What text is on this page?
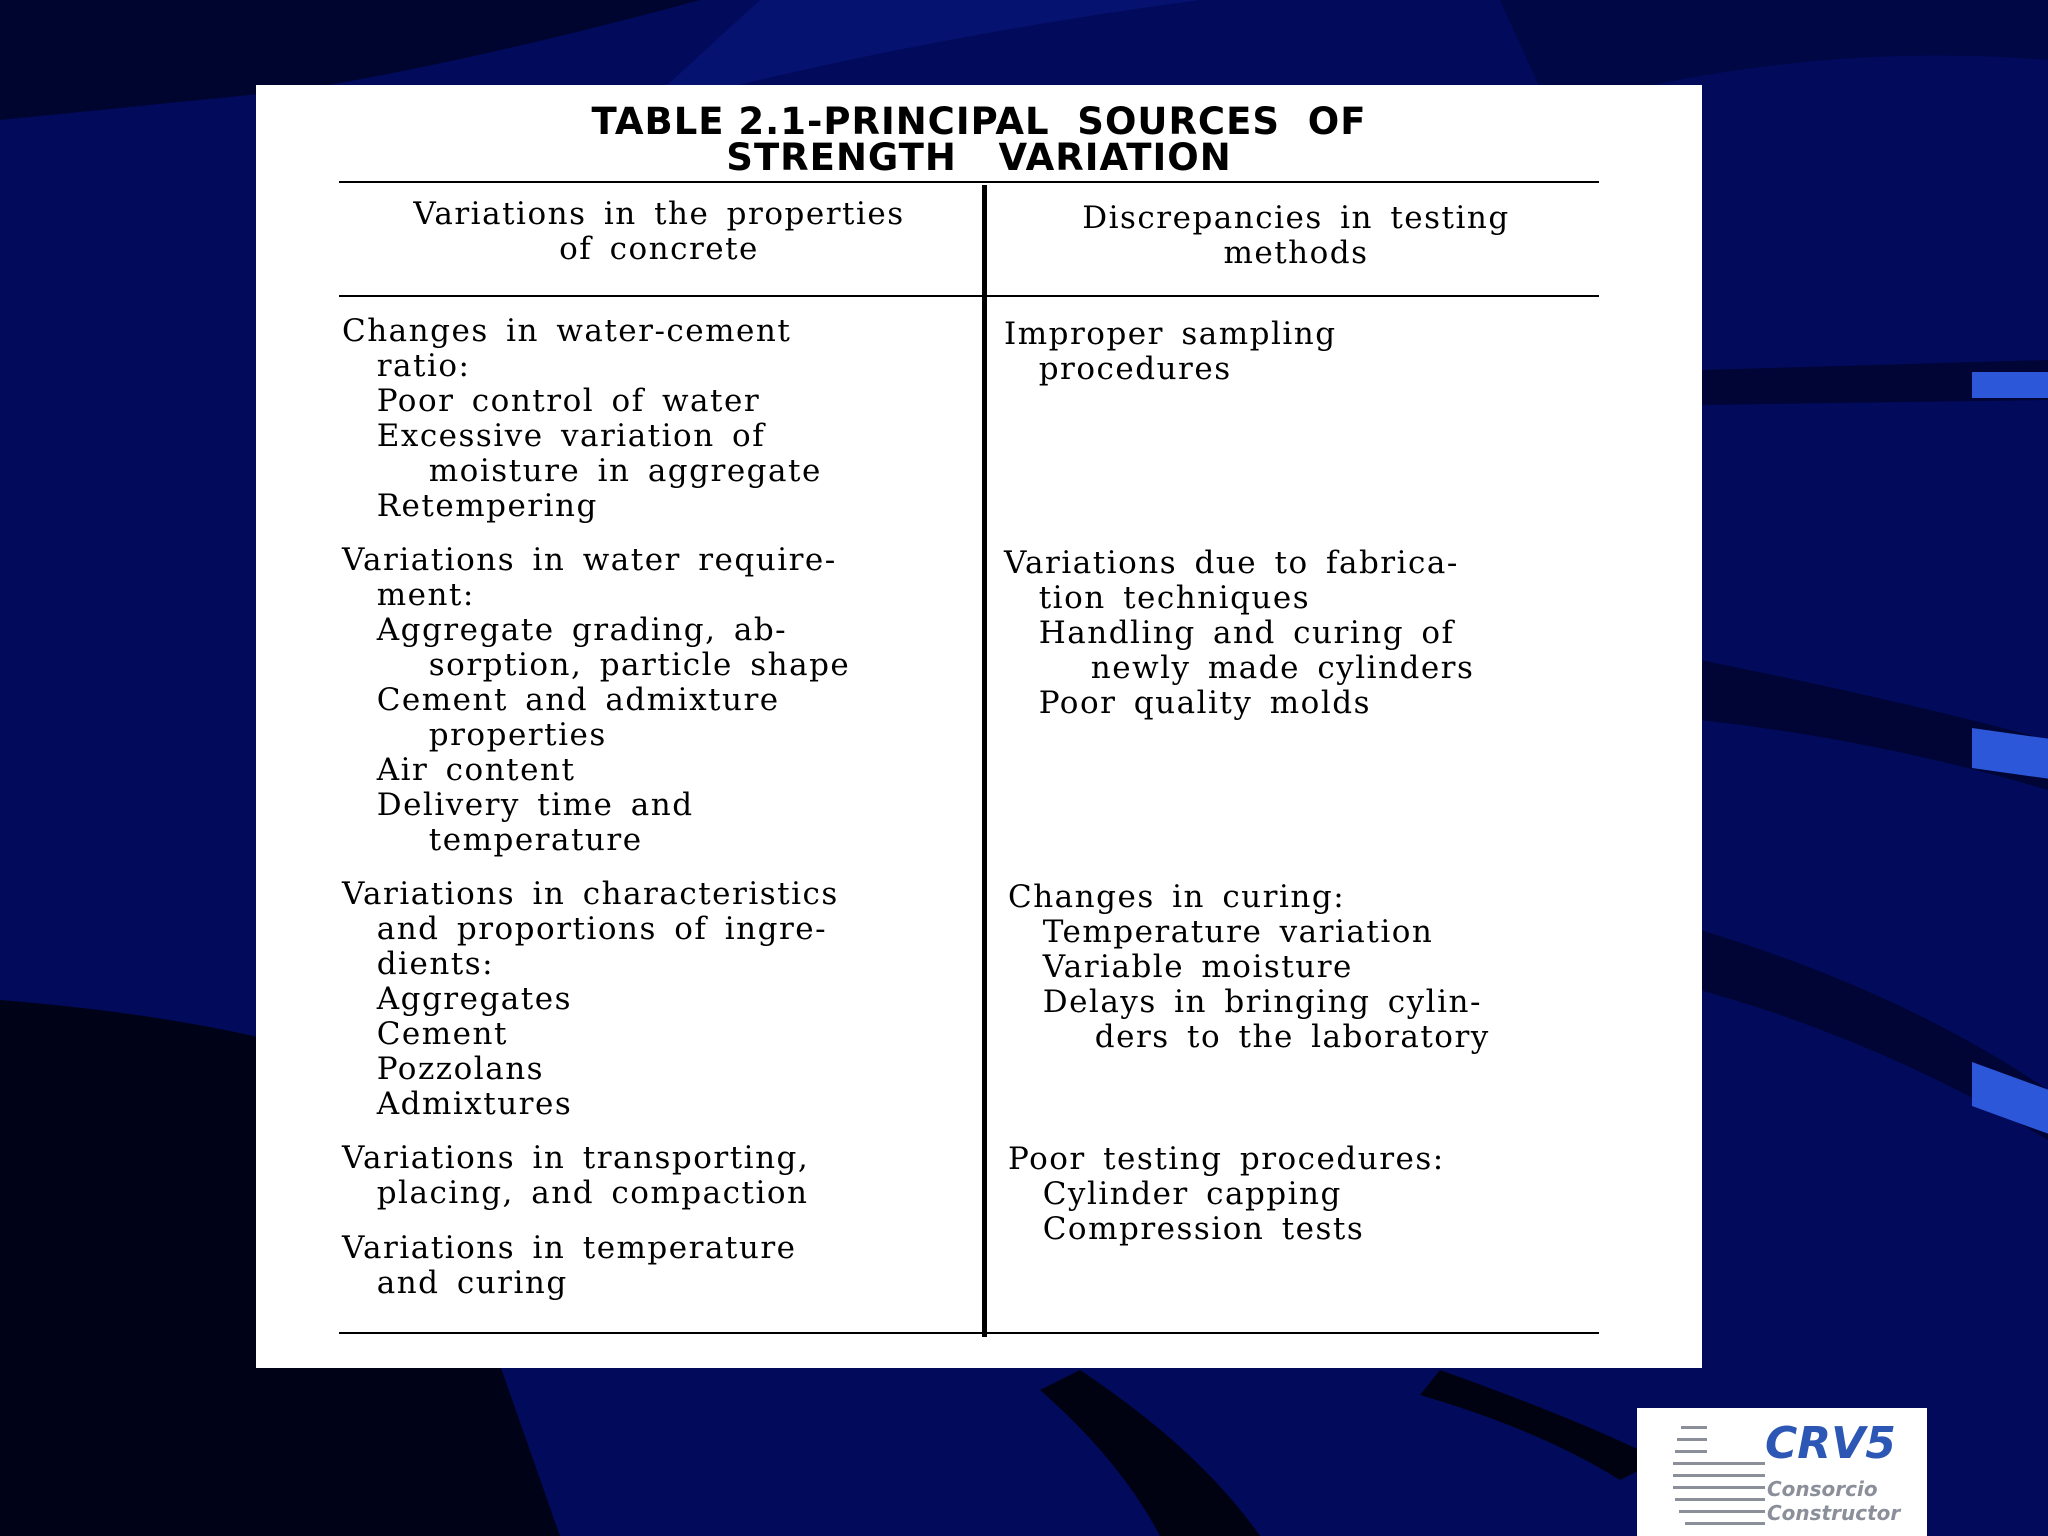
TABLE 2.1-PRINCIPAL  SOURCES  OF
STRENGTH   VARIATION
Variations in the properties
of concrete
Discrepancies in testing
methods
Changes in water-cement
ratio:
Poor control of water
Excessive variation of
moisture in aggregate
Retempering
Variations in water require-
ment:
Aggregate grading, ab-
sorption, particle shape
Cement and admixture
properties
Air content
Delivery time and
temperature
Variations in characteristics
and proportions of ingre-
dients:
Aggregates
Cement
Pozzolans
Admixtures
Variations in transporting,
placing, and compaction
Variations in temperature
and curing
Improper sampling
procedures
Variations due to fabrica-
tion techniques
Handling and curing of
newly made cylinders
Poor quality molds
Changes in curing:
Temperature variation
Variable moisture
Delays in bringing cylin-
ders to the laboratory
Poor testing procedures:
Cylinder capping
Compression tests
CRV5
Consorcio
Constructor
